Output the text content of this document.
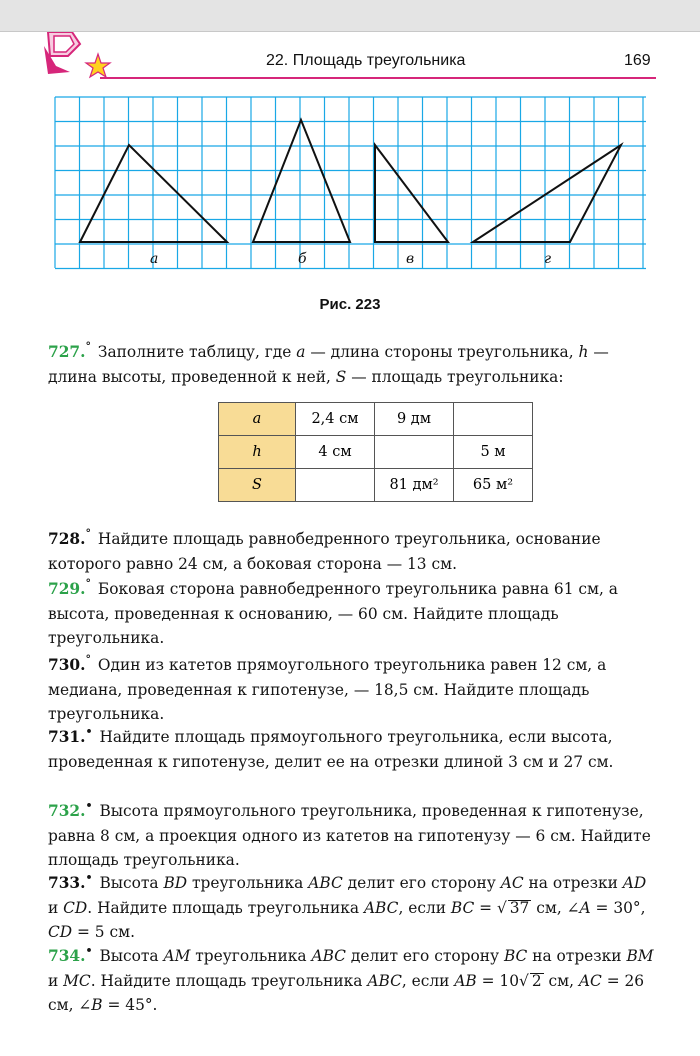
22. Площадь треугольника	169
а	б	в	г
Рис. 223
727.° Заполните таблицу, где a — длина стороны треугольника, h — длина высоты, проведенной к ней, S — площадь треугольника:
a	2,4 см	9 дм	
h	4 см		5 м
S		81 дм²	65 м²
728.° Найдите площадь равнобедренного треугольника, основание которого равно 24 см, а боковая сторона — 13 см.
729.° Боковая сторона равнобедренного треугольника равна 61 см, а высота, проведенная к основанию, — 60 см. Найдите площадь треугольника.
730.° Один из катетов прямоугольного треугольника равен 12 см, а медиана, проведенная к гипотенузе, — 18,5 см. Найдите площадь треугольника.
731.• Найдите площадь прямоугольного треугольника, если высота, проведенная к гипотенузе, делит ее на отрезки длиной 3 см и 27 см.
732.• Высота прямоугольного треугольника, проведенная к гипотенузе, равна 8 см, а проекция одного из катетов на гипотенузу — 6 см. Найдите площадь треугольника.
733.• Высота BD треугольника ABC делит его сторону AC на отрезки AD и CD. Найдите площадь треугольника ABC, если BC = √ 37 см, ∠A = 30°, CD = 5 см.
734.• Высота AM треугольника ABC делит его сторону BC на отрезки BM и MC. Найдите площадь треугольника ABC, если AB = 10√ 2 см, AC = 26 см, ∠B = 45°.
